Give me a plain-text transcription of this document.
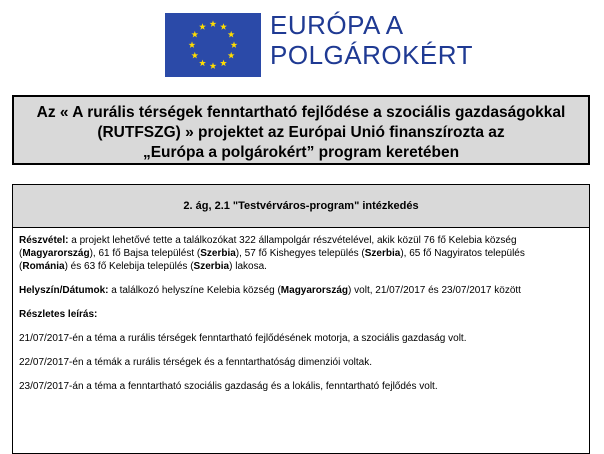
EURÓPA A
POLGÁROKÉRT
Az « A rurális térségek fenntartható fejlődése a szociális gazdaságokkal
(RUTFSZG) » projektet az Európai Unió finanszírozta az
„Európa a polgárokért” program keretében
2. ág, 2.1 "Testvérváros-program" intézkedés
Részvétel: a projekt lehetővé tette a találkozókat 322 állampolgár részvételével, akik közül 76 fő Kelebia község
(Magyarország), 61 fő Bajsa települést (Szerbia), 57 fő Kishegyes település (Szerbia), 65 fő Nagyiratos település
(Románia) és 63 fő Kelebija település (Szerbia) lakosa.
Helyszín/Dátumok: a találkozó helyszíne Kelebia község (Magyarország) volt, 21/07/2017 és 23/07/2017 között
Részletes leírás:
21/07/2017-én a téma a rurális térségek fenntartható fejlődésének motorja, a szociális gazdaság volt.
22/07/2017-én a témák a rurális térségek és a fenntarthatóság dimenziói voltak.
23/07/2017-án a téma a fenntartható szociális gazdaság és a lokális, fenntartható fejlődés volt.
